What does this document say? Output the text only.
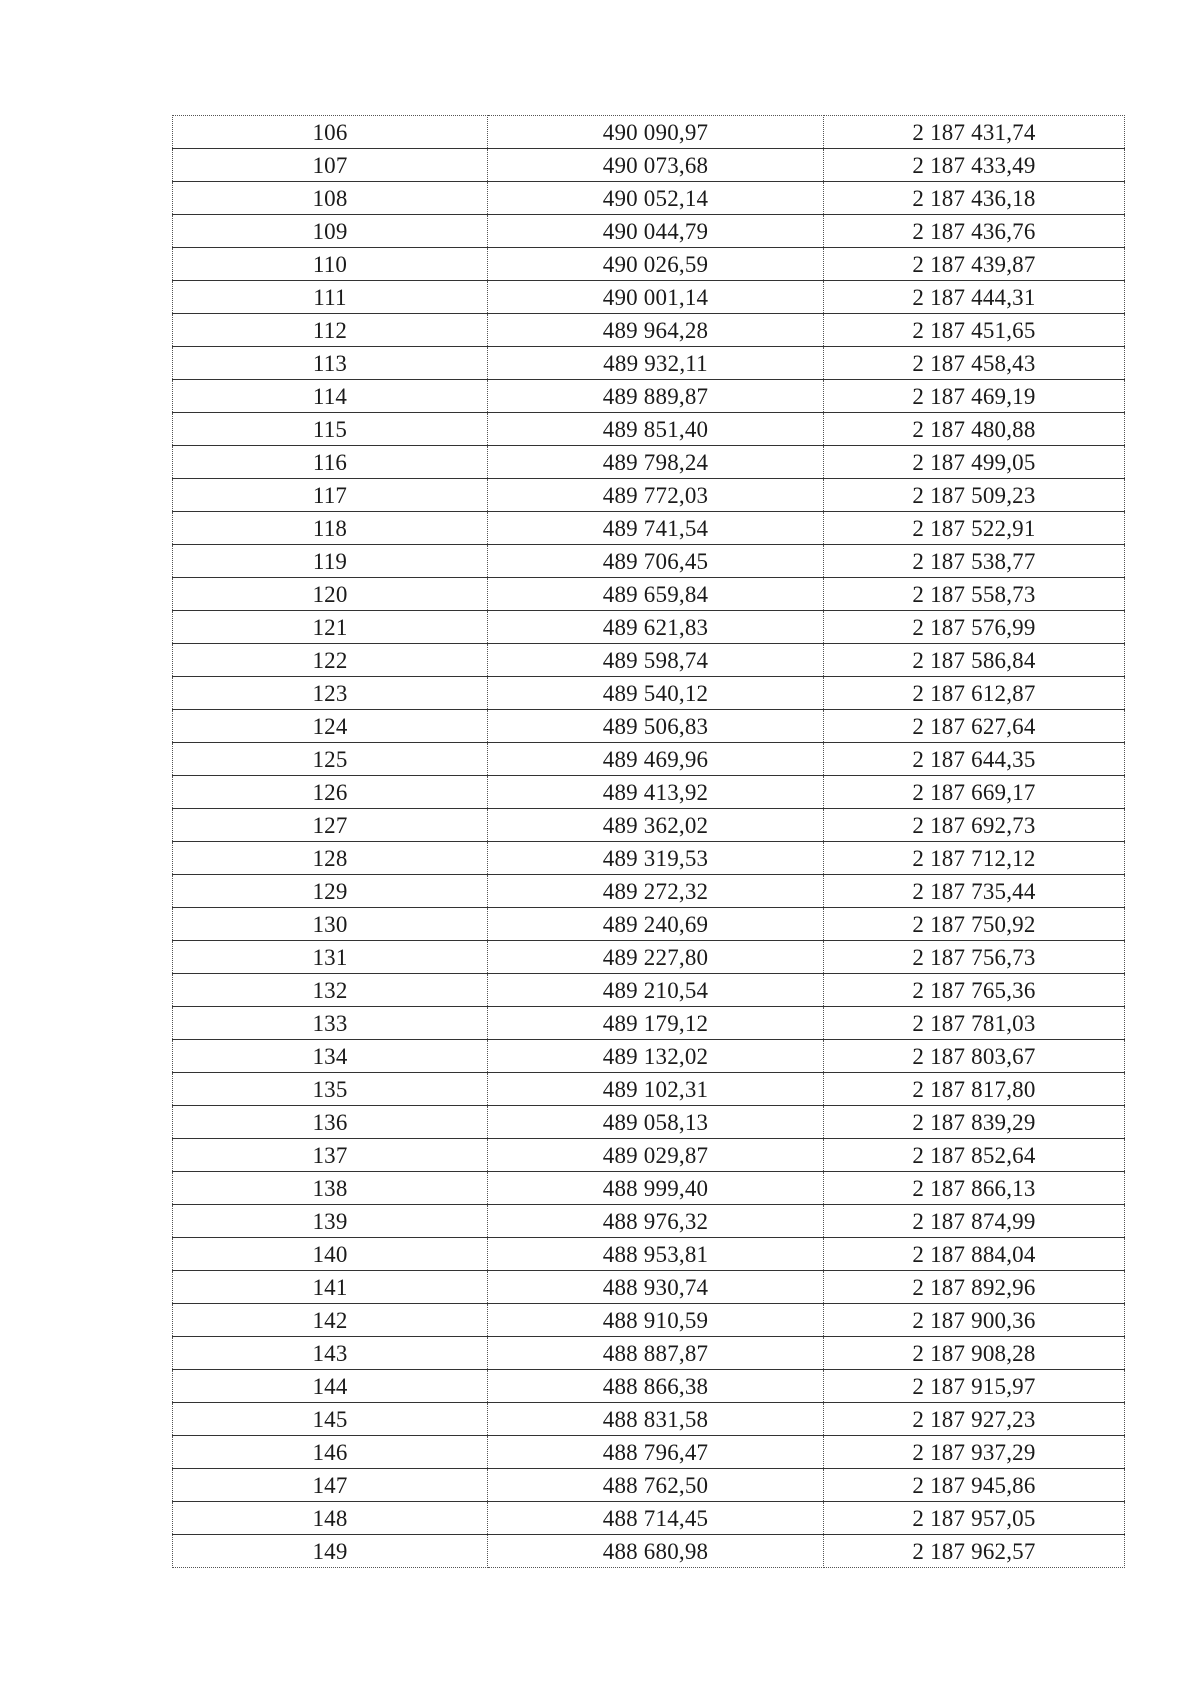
106	490 090,97	2 187 431,74
107	490 073,68	2 187 433,49
108	490 052,14	2 187 436,18
109	490 044,79	2 187 436,76
110	490 026,59	2 187 439,87
111	490 001,14	2 187 444,31
112	489 964,28	2 187 451,65
113	489 932,11	2 187 458,43
114	489 889,87	2 187 469,19
115	489 851,40	2 187 480,88
116	489 798,24	2 187 499,05
117	489 772,03	2 187 509,23
118	489 741,54	2 187 522,91
119	489 706,45	2 187 538,77
120	489 659,84	2 187 558,73
121	489 621,83	2 187 576,99
122	489 598,74	2 187 586,84
123	489 540,12	2 187 612,87
124	489 506,83	2 187 627,64
125	489 469,96	2 187 644,35
126	489 413,92	2 187 669,17
127	489 362,02	2 187 692,73
128	489 319,53	2 187 712,12
129	489 272,32	2 187 735,44
130	489 240,69	2 187 750,92
131	489 227,80	2 187 756,73
132	489 210,54	2 187 765,36
133	489 179,12	2 187 781,03
134	489 132,02	2 187 803,67
135	489 102,31	2 187 817,80
136	489 058,13	2 187 839,29
137	489 029,87	2 187 852,64
138	488 999,40	2 187 866,13
139	488 976,32	2 187 874,99
140	488 953,81	2 187 884,04
141	488 930,74	2 187 892,96
142	488 910,59	2 187 900,36
143	488 887,87	2 187 908,28
144	488 866,38	2 187 915,97
145	488 831,58	2 187 927,23
146	488 796,47	2 187 937,29
147	488 762,50	2 187 945,86
148	488 714,45	2 187 957,05
149	488 680,98	2 187 962,57
